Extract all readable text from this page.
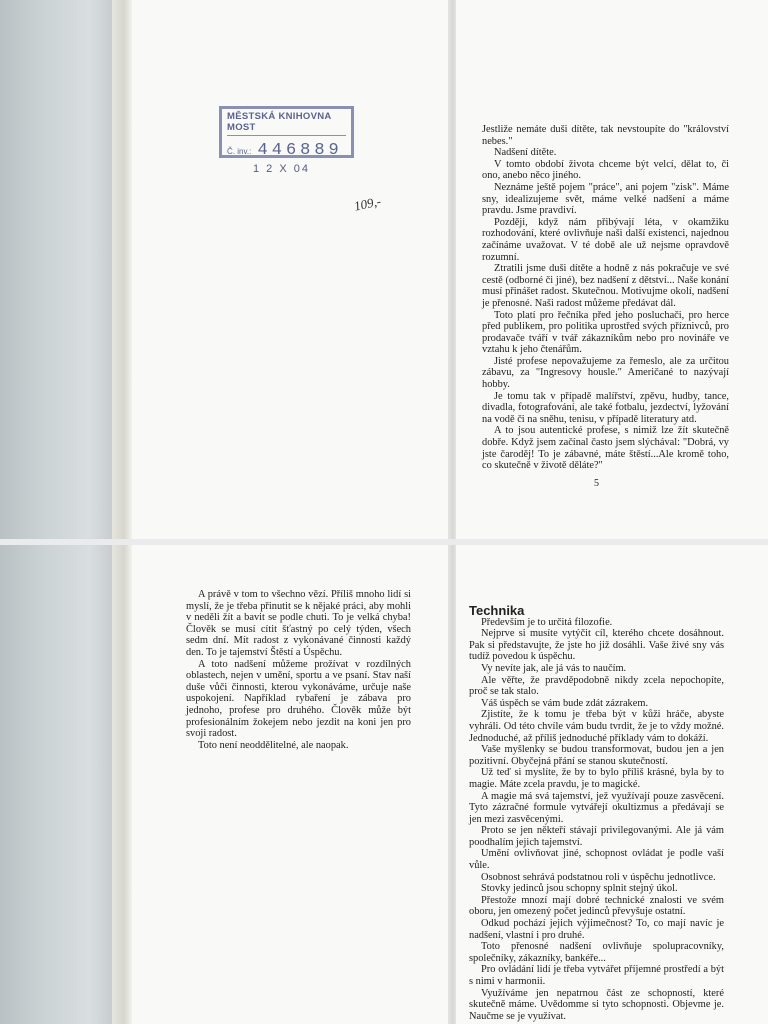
MĚSTSKÁ KNIHOVNA MOST
Č. inv.: 446889
1 2 X 04
109,-

Jestliže nemáte duši dítěte, tak nevstoupíte do "království nebes."

Nadšení dítěte.

V tomto období života chceme být velcí, dělat to, či ono, anebo něco jiného.

Neznáme ještě pojem "práce", ani pojem "zisk". Máme sny, idealizujeme svět, máme velké nadšení a máme pravdu. Jsme pravdiví.

Později, když nám přibývají léta, v okamžiku rozhodování, které ovlivňuje naši další existenci, najednou začínáme uvažovat. V té době ale už nejsme opravdově rozumní.

Ztratili jsme duši dítěte a hodně z nás pokračuje ve své cestě (odborné či jiné), bez nadšení z dětství... Naše konání musí přinášet radost. Skutečnou. Motivujme okolí, nadšení je přenosné. Naši radost můžeme předávat dál.

Toto platí pro řečníka před jeho posluchači, pro herce před publikem, pro politika uprostřed svých příznivců, pro prodavače tváří v tvář zákazníkům nebo pro novináře ve vztahu k jeho čtenářům.

Jisté profese nepovažujeme za řemeslo, ale za určitou zábavu, za "Ingresovy housle." Američané to nazývají hobby.

Je tomu tak v případě malířství, zpěvu, hudby, tance, divadla, fotografování, ale také fotbalu, jezdectví, lyžování na vodě či na sněhu, tenisu, v případě literatury atd.

A to jsou autentické profese, s nimiž lze žít skutečně dobře. Když jsem začínal často jsem slýchával: "Dobrá, vy jste čaroděj! To je zábavné, máte štěstí...Ale kromě toho, co skutečně v životě děláte?"

5

A právě v tom to všechno vězí. Příliš mnoho lidí si myslí, že je třeba přinutit se k nějaké práci, aby mohli v neděli žít a bavit se podle chuti. To je velká chyba! Člověk se musí cítit šťastný po celý týden, všech sedm dní. Mít radost z vykonávané činnosti každý den. To je tajemství Štěstí a Úspěchu.

A toto nadšení můžeme prožívat v rozdílných oblastech, nejen v umění, sportu a ve psaní. Stav naší duše vůči činnosti, kterou vykonáváme, určuje naše uspokojení. Například rybaření je zábava pro jednoho, profese pro druhého. Člověk může být profesionálním žokejem nebo jezdit na koni jen pro svoji radost.

Toto není neoddělitelné, ale naopak.

Technika

Především je to určitá filozofie.

Nejprve si musíte vytýčit cíl, kterého chcete dosáhnout. Pak si představujte, že jste ho již dosáhli. Vaše živé sny vás tudíž povedou k úspěchu.

Vy nevíte jak, ale já vás to naučím.

Ale věřte, že pravděpodobně nikdy zcela nepochopíte, proč se tak stalo.

Váš úspěch se vám bude zdát zázrakem.

Zjistíte, že k tomu je třeba být v kůži hráče, abyste vyhráli. Od této chvíle vám budu tvrdit, že je to vždy možné. Jednoduché, až příliš jednoduché příklady vám to dokáží.

Vaše myšlenky se budou transformovat, budou jen a jen pozitivní. Obyčejná přání se stanou skutečností.

Už teď si myslíte, že by to bylo příliš krásné, byla by to magie. Máte zcela pravdu, je to magické.

A magie má svá tajemství, jež využívají pouze zasvěcení. Tyto zázračné formule vytvářejí okultizmus a předávají se jen mezi zasvěcenými.

Proto se jen někteří stávají privilegovanými. Ale já vám poodhalím jejich tajemství.

Umění ovlivňovat jiné, schopnost ovládat je podle vaší vůle.

Osobnost sehrává podstatnou roli v úspěchu jednotlivce.

Stovky jedinců jsou schopny splnit stejný úkol.

Přestože mnozí mají dobré technické znalosti ve svém oboru, jen omezený počet jedinců převyšuje ostatní.

Odkud pochází jejich výjimečnost? To, co mají navíc je nadšení, vlastní i pro druhé.

Toto přenosné nadšení ovlivňuje spolupracovníky, společníky, zákazníky, bankéře...

Pro ovládání lidí je třeba vytvářet příjemné prostředí a být s nimi v harmonii.

Využíváme jen nepatrnou část ze schopností, které skutečně máme. Uvědomme si tyto schopnosti. Objevme je. Naučme se je využívat.
